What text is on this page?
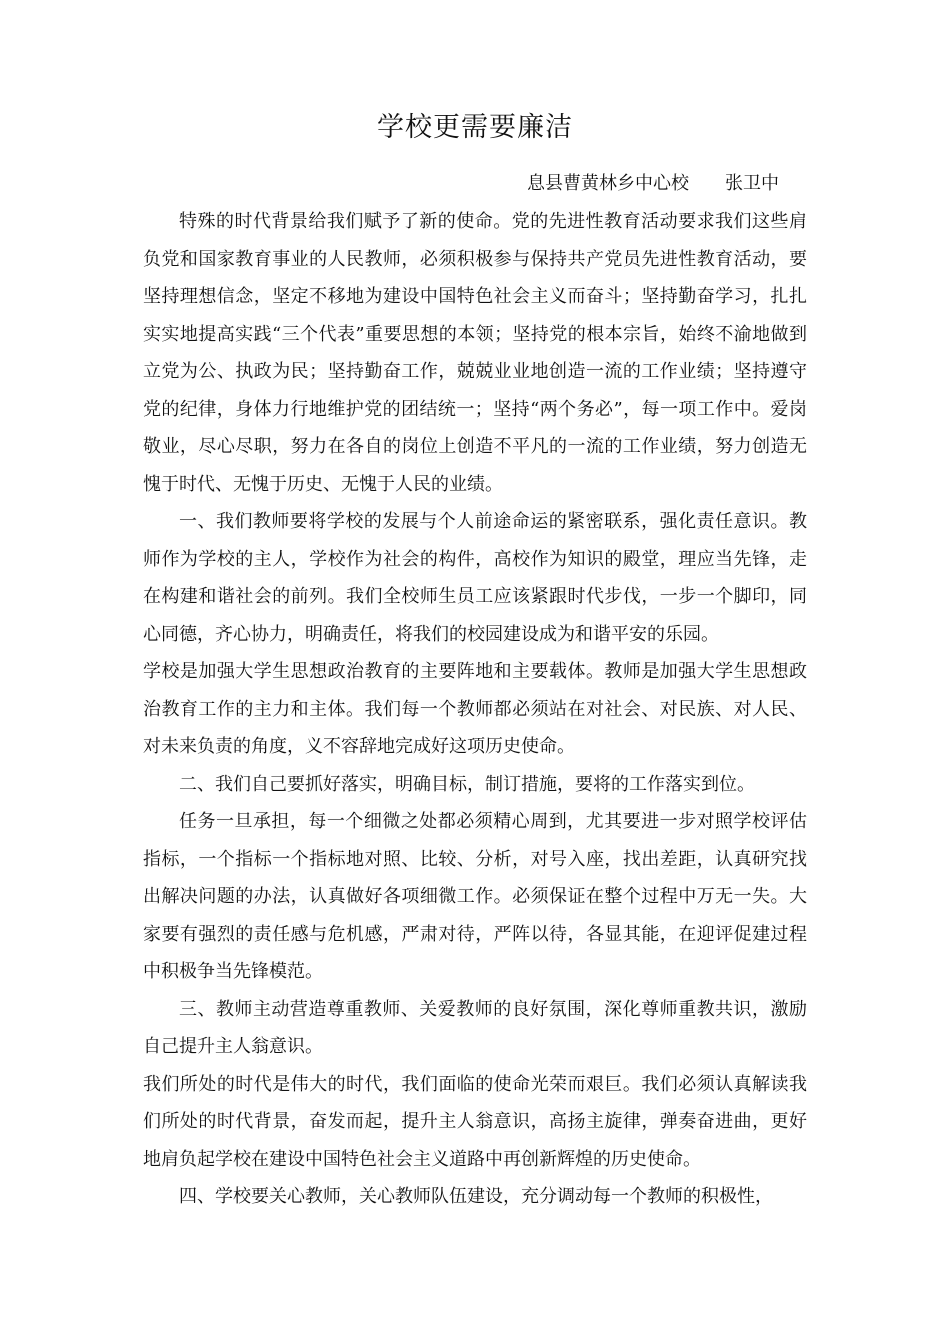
学校更需要廉洁
息县曹黄林乡中心校　　张卫中

特殊的时代背景给我们赋予了新的使命。党的先进性教育活动要求我们这些肩负党和国家教育事业的人民教师，必须积极参与保持共产党员先进性教育活动，要坚持理想信念，坚定不移地为建设中国特色社会主义而奋斗；坚持勤奋学习，扎扎实实地提高实践“三个代表”重要思想的本领；坚持党的根本宗旨，始终不渝地做到立党为公、执政为民；坚持勤奋工作，兢兢业业地创造一流的工作业绩；坚持遵守党的纪律，身体力行地维护党的团结统一；坚持“两个务必”，每一项工作中。爱岗敬业，尽心尽职，努力在各自的岗位上创造不平凡的一流的工作业绩，努力创造无愧于时代、无愧于历史、无愧于人民的业绩。

一、我们教师要将学校的发展与个人前途命运的紧密联系，强化责任意识。教师作为学校的主人，学校作为社会的构件，高校作为知识的殿堂，理应当先锋，走在构建和谐社会的前列。我们全校师生员工应该紧跟时代步伐，一步一个脚印，同心同德，齐心协力，明确责任，将我们的校园建设成为和谐平安的乐园。

学校是加强大学生思想政治教育的主要阵地和主要载体。教师是加强大学生思想政治教育工作的主力和主体。我们每一个教师都必须站在对社会、对民族、对人民、对未来负责的角度，义不容辞地完成好这项历史使命。

二、我们自己要抓好落实，明确目标，制订措施，要将的工作落实到位。

任务一旦承担，每一个细微之处都必须精心周到，尤其要进一步对照学校评估指标，一个指标一个指标地对照、比较、分析，对号入座，找出差距，认真研究找出解决问题的办法，认真做好各项细微工作。必须保证在整个过程中万无一失。大家要有强烈的责任感与危机感，严肃对待，严阵以待，各显其能，在迎评促建过程中积极争当先锋模范。

三、教师主动营造尊重教师、关爱教师的良好氛围，深化尊师重教共识，激励自己提升主人翁意识。

我们所处的时代是伟大的时代，我们面临的使命光荣而艰巨。我们必须认真解读我们所处的时代背景，奋发而起，提升主人翁意识，高扬主旋律，弹奏奋进曲，更好地肩负起学校在建设中国特色社会主义道路中再创新辉煌的历史使命。

四、学校要关心教师，关心教师队伍建设，充分调动每一个教师的积极性，
